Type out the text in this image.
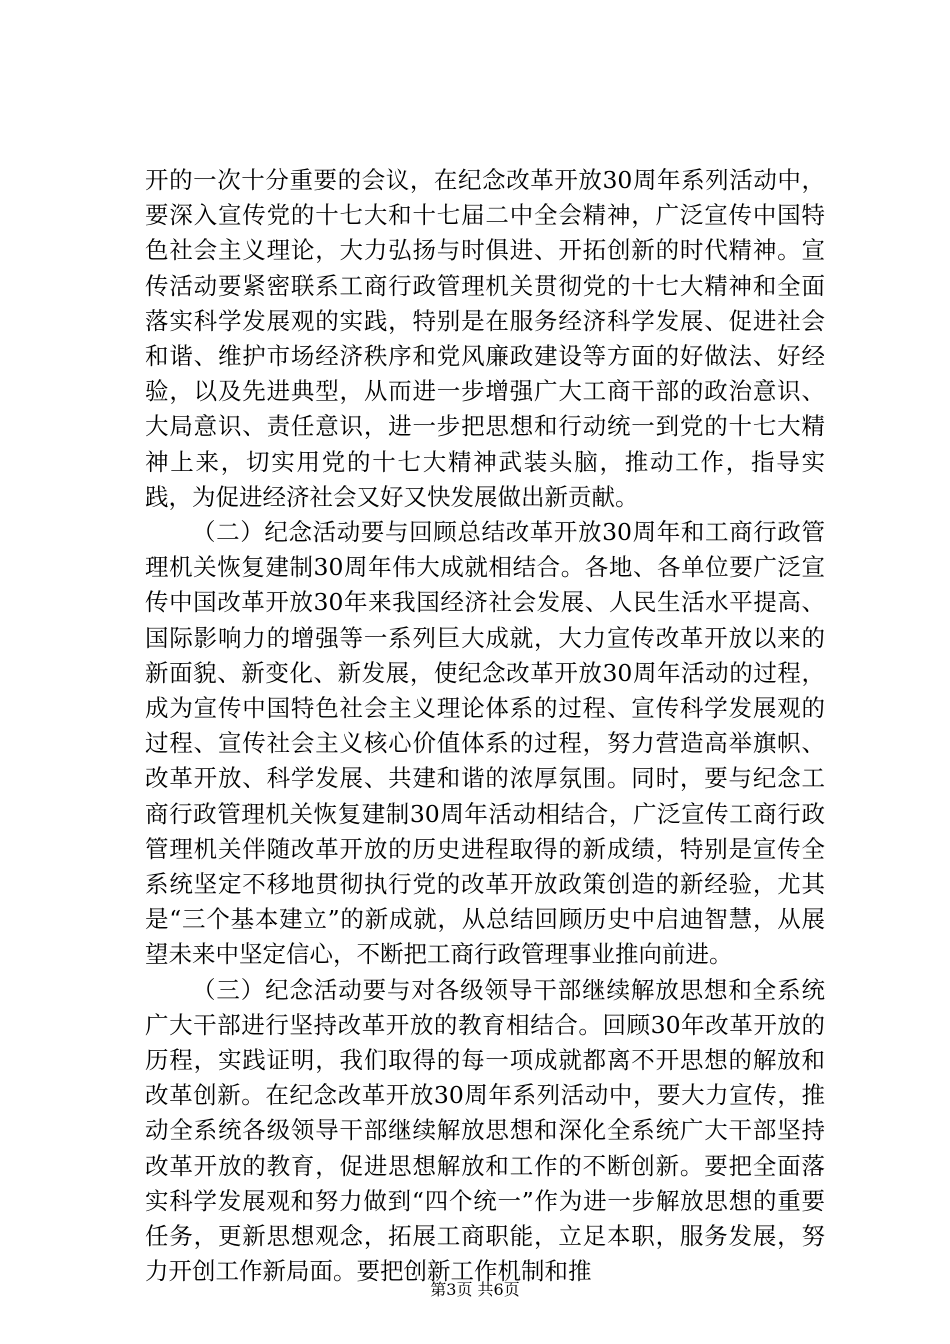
开的一次十分重要的会议，在纪念改革开放30周年系列活动中，要深入宣传党的十七大和十七届二中全会精神，广泛宣传中国特色社会主义理论，大力弘扬与时俱进、开拓创新的时代精神。宣传活动要紧密联系工商行政管理机关贯彻党的十七大精神和全面落实科学发展观的实践，特别是在服务经济科学发展、促进社会和谐、维护市场经济秩序和党风廉政建设等方面的好做法、好经验，以及先进典型，从而进一步增强广大工商干部的政治意识、大局意识、责任意识，进一步把思想和行动统一到党的十七大精神上来，切实用党的十七大精神武装头脑，推动工作，指导实践，为促进经济社会又好又快发展做出新贡献。

（二）纪念活动要与回顾总结改革开放30周年和工商行政管理机关恢复建制30周年伟大成就相结合。各地、各单位要广泛宣传中国改革开放30年来我国经济社会发展、人民生活水平提高、国际影响力的增强等一系列巨大成就，大力宣传改革开放以来的新面貌、新变化、新发展，使纪念改革开放30周年活动的过程，成为宣传中国特色社会主义理论体系的过程、宣传科学发展观的过程、宣传社会主义核心价值体系的过程，努力营造高举旗帜、改革开放、科学发展、共建和谐的浓厚氛围。同时，要与纪念工商行政管理机关恢复建制30周年活动相结合，广泛宣传工商行政管理机关伴随改革开放的历史进程取得的新成绩，特别是宣传全系统坚定不移地贯彻执行党的改革开放政策创造的新经验，尤其是“三个基本建立”的新成就，从总结回顾历史中启迪智慧，从展望未来中坚定信心，不断把工商行政管理事业推向前进。

（三）纪念活动要与对各级领导干部继续解放思想和全系统广大干部进行坚持改革开放的教育相结合。回顾30年改革开放的历程，实践证明，我们取得的每一项成就都离不开思想的解放和改革创新。在纪念改革开放30周年系列活动中，要大力宣传，推动全系统各级领导干部继续解放思想和深化全系统广大干部坚持改革开放的教育，促进思想解放和工作的不断创新。要把全面落实科学发展观和努力做到“四个统一”作为进一步解放思想的重要任务，更新思想观念，拓展工商职能，立足本职，服务发展，努力开创工作新局面。要把创新工作机制和推

第3页 共6页
